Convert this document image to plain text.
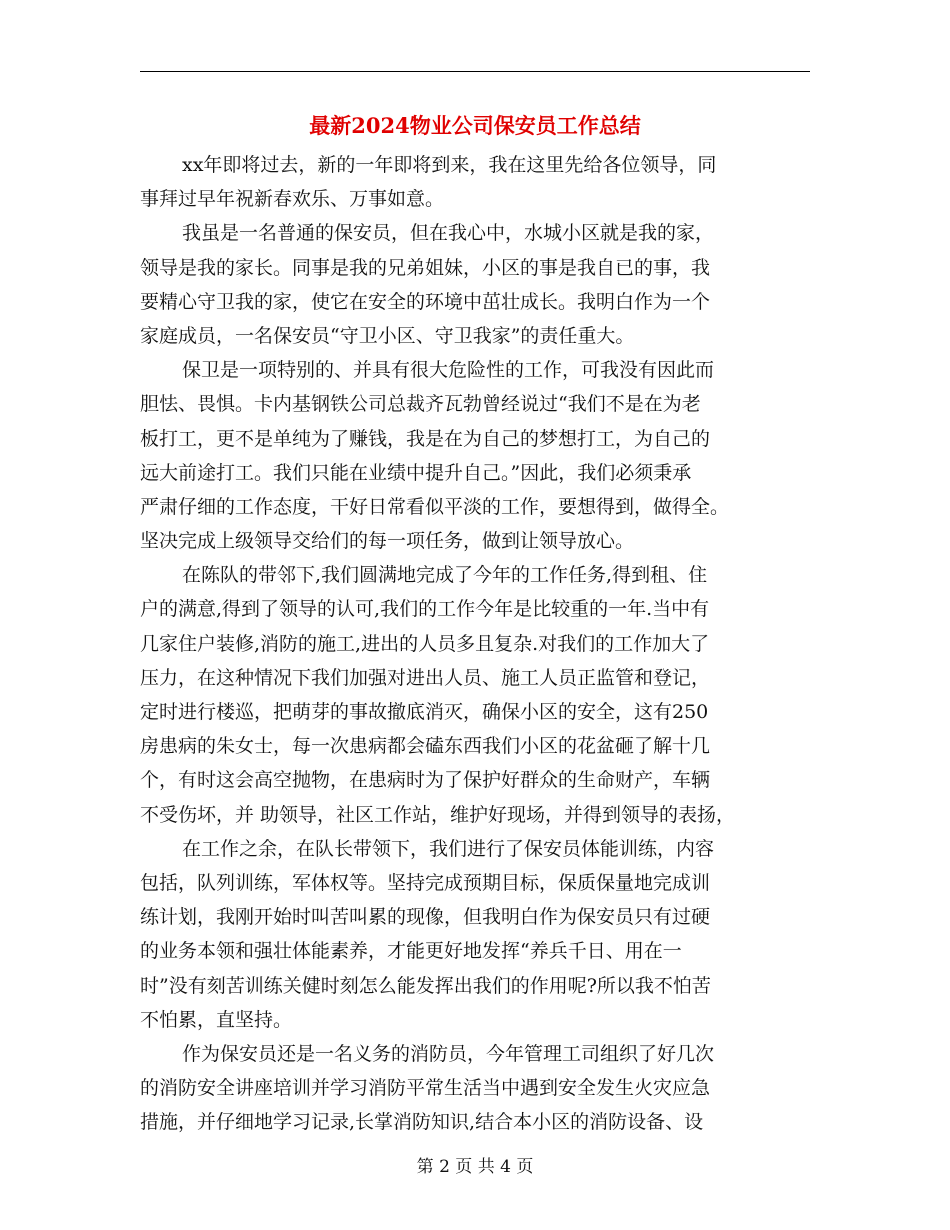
最新2024物业公司保安员工作总结
xx年即将过去，新的一年即将到来，我在这里先给各位领导，同
事拜过早年祝新春欢乐、万事如意。
我虽是一名普通的保安员，但在我心中，水城小区就是我的家，
领导是我的家长。同事是我的兄弟姐妹，小区的事是我自已的事，我
要精心守卫我的家，使它在安全的环境中茁壮成长。我明白作为一个
家庭成员，一名保安员“守卫小区、守卫我家”的责任重大。
保卫是一项特别的、并具有很大危险性的工作，可我没有因此而
胆怯、畏惧。卡内基钢铁公司总裁齐瓦勃曾经说过“我们不是在为老
板打工，更不是单纯为了赚钱，我是在为自己的梦想打工，为自己的
远大前途打工。我们只能在业绩中提升自己。”因此，我们必须秉承
严肃仔细的工作态度，干好日常看似平淡的工作，要想得到，做得全。
坚决完成上级领导交给们的每一项任务，做到让领导放心。
在陈队的带邻下,我们圆满地完成了今年的工作任务,得到租、住
户的满意,得到了领导的认可,我们的工作今年是比较重的一年.当中有
几家住户装修,消防的施工,进出的人员多且复杂.对我们的工作加大了
压力，在这种情况下我们加强对进出人员、施工人员正监管和登记，
定时进行楼巡，把萌芽的事故撤底消灭，确保小区的安全，这有250
房患病的朱女士，每一次患病都会磕东西我们小区的花盆砸了解十几
个，有时这会高空抛物，在患病时为了保护好群众的生命财产，车辆
不受伤坏，并 助领导，社区工作站，维护好现场，并得到领导的表扬，
在工作之余，在队长带领下，我们进行了保安员体能训练，内容
包括，队列训练，军体权等。坚持完成预期目标，保质保量地完成训
练计划，我刚开始时叫苦叫累的现像，但我明白作为保安员只有过硬
的业务本领和强壮体能素养，才能更好地发挥“养兵千日、用在一
时”没有刻苦训练关健时刻怎么能发挥出我们的作用呢?所以我不怕苦
不怕累，直坚持。
作为保安员还是一名义务的消防员，今年管理工司组织了好几次
的消防安全讲座培训并学习消防平常生活当中遇到安全发生火灾应急
措施，并仔细地学习记录,长掌消防知识,结合本小区的消防设备、设
第 2 页 共 4 页
